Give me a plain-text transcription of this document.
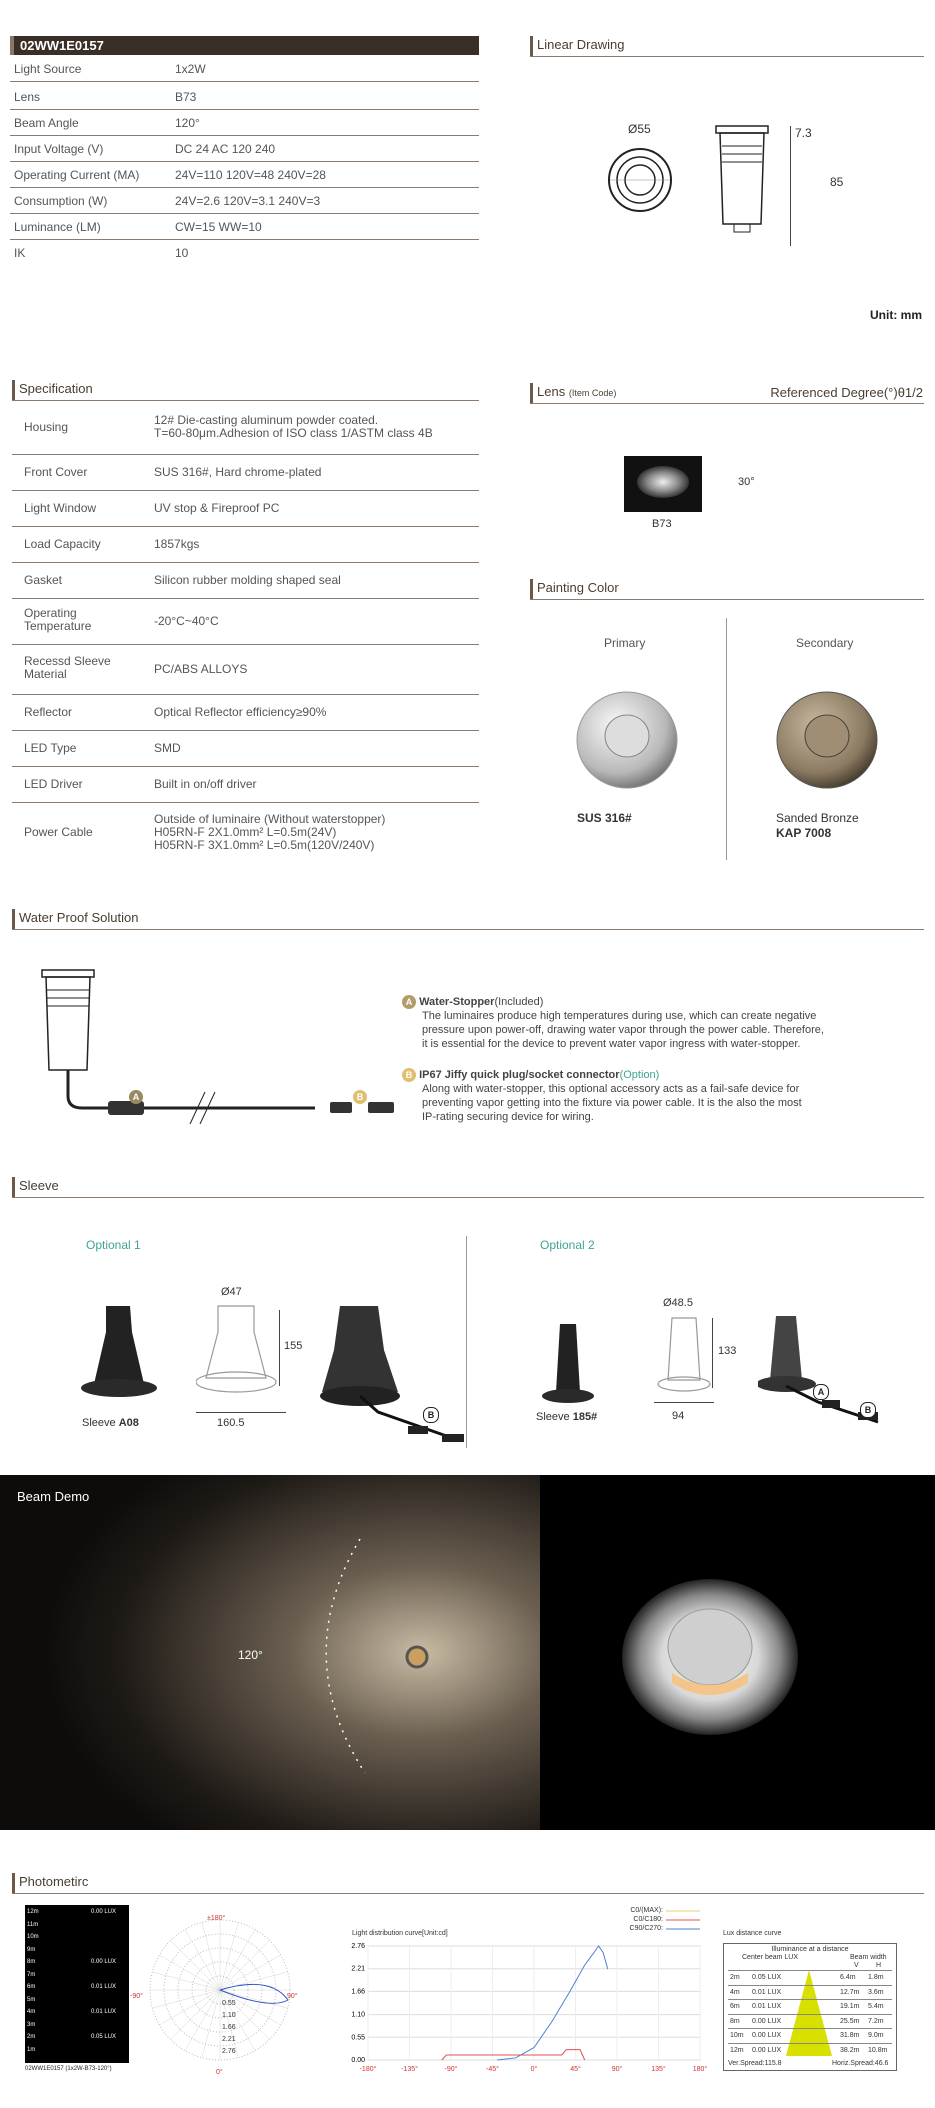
02WW1E0157
Light Source	1x2W
Lens	B73
Beam Angle	120°
Input Voltage (V)	DC 24 AC 120 240
Operating Current (MA)	24V=110 120V=48 240V=28
Consumption (W)	24V=2.6 120V=3.1 240V=3
Luminance (LM)	CW=15 WW=10
IK	10
Linear Drawing
Ø55	7.3
85
Unit: mm
Specification
Housing	12# Die-casting aluminum powder coated.
T=60-80μm.Adhesion of ISO class 1/ASTM class 4B
Front Cover	SUS 316#, Hard chrome-plated
Light Window	UV stop & Fireproof PC
Load Capacity	1857kgs
Gasket	Silicon rubber molding shaped seal
Operating
Temperature	-20°C~40°C
Recessd Sleeve
Material	PC/ABS ALLOYS
Reflector	Optical Reflector efficiency≥90%
LED Type	SMD
LED Driver	Built in on/off driver
Power Cable
Outside of luminaire (Without waterstopper)
H05RN-F 2X1.0mm² L=0.5m(24V)
H05RN-F 3X1.0mm² L=0.5m(120V/240V)
Lens (Item Code)	Referenced Degree(°)θ1/2
B73
30°
Painting Color
Primary	Secondary
SUS 316#	Sanded Bronze
KAP 7008
Water Proof Solution
A	B
A Water-Stopper(Included)
The luminaires produce high temperatures during use, which can create negative
pressure upon power-off, drawing water vapor through the power cable. Therefore,
it is essential for the device to prevent water vapor ingress with water-stopper.
B IP67 Jiffy quick plug/socket connector(Option)
Along with water-stopper, this optional accessory acts as a fail-safe device for
preventing vapor getting into the fixture via power cable. It is the also the most
IP-rating securing device for wiring.
Sleeve
Optional 1	Optional 2
Sleeve A08
Ø47
155
160.5
B	Sleeve 185#
Ø48.5
133
94
A
B
Beam Demo
120°
Photometirc
12m	0.00 LUX
11m
10m
9m
8m	0.00 LUX
7m
6m	0.01 LUX
5m
4m	0.01 LUX
3m
2m	0.05 LUX
1m
02WW1E0157 (1x2W-B73-120°)
±180°
-90°	90°
0°
0.55
1.10
1.66
2.21
2.76
Light distribution curve[Unit:cd]
C0/(MAX):
C0/C180:
C90/C270:
0.00
0.55
1.10
1.66
2.21
2.76
-180°	-135°	-90°	-45°	0°	45°	90°	135°	180°
Lux distance curve
Illuminance at a distance
Center beam LUX	Beam width
V H
2m 0.05 LUX	6.4m 1.8m
4m 0.01 LUX	12.7m 3.6m
6m 0.01 LUX	19.1m 5.4m
8m 0.00 LUX	25.5m 7.2m
10m 0.00 LUX	31.8m 9.0m
12m 0.00 LUX	38.2m 10.8m
Ver.Spread:115.8	Horiz.Spread:46.6
